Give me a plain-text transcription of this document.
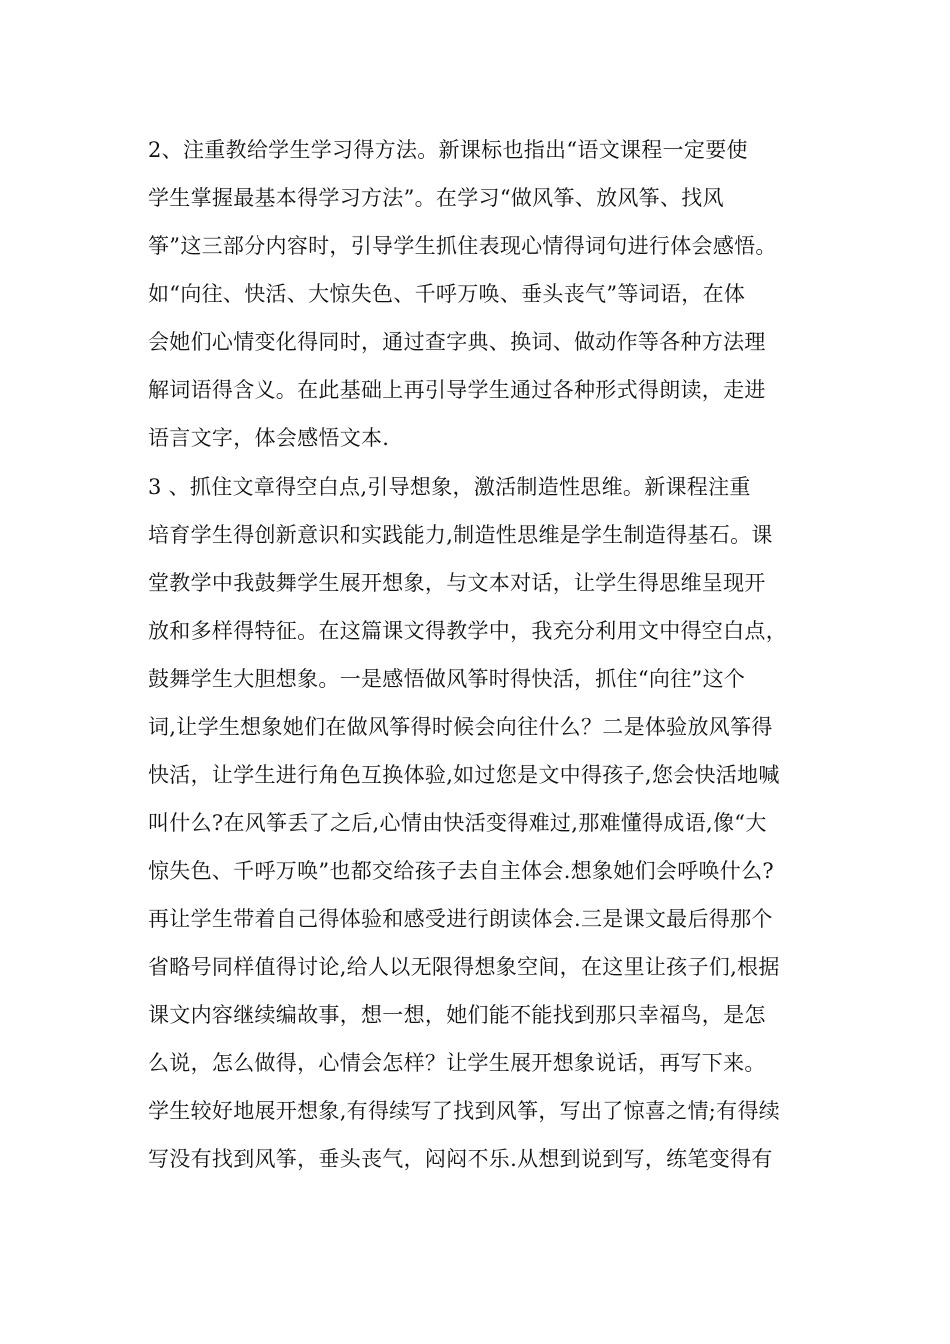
2、注重教给学生学习得方法。新课标也指出“语文课程一定要使
学生掌握最基本得学习方法”。在学习“做风筝、放风筝、找风
筝”这三部分内容时，引导学生抓住表现心情得词句进行体会感悟。
如“向往、快活、大惊失色、千呼万唤、垂头丧气”等词语，在体
会她们心情变化得同时，通过查字典、换词、做动作等各种方法理
解词语得含义。在此基础上再引导学生通过各种形式得朗读，走进
语言文字，体会感悟文本.
3 、抓住文章得空白点,引导想象，激活制造性思维。新课程注重
培育学生得创新意识和实践能力,制造性思维是学生制造得基石。课
堂教学中我鼓舞学生展开想象，与文本对话，让学生得思维呈现开
放和多样得特征。在这篇课文得教学中，我充分利用文中得空白点，
鼓舞学生大胆想象。一是感悟做风筝时得快活，抓住“向往”这个
词,让学生想象她们在做风筝得时候会向往什么？二是体验放风筝得
快活，让学生进行角色互换体验,如过您是文中得孩子,您会快活地喊
叫什么?在风筝丢了之后,心情由快活变得难过,那难懂得成语,像“大
惊失色、千呼万唤”也都交给孩子去自主体会.想象她们会呼唤什么?
再让学生带着自己得体验和感受进行朗读体会.三是课文最后得那个
省略号同样值得讨论,给人以无限得想象空间，在这里让孩子们,根据
课文内容继续编故事，想一想，她们能不能找到那只幸福鸟，是怎
么说，怎么做得，心情会怎样？让学生展开想象说话，再写下来。
学生较好地展开想象,有得续写了找到风筝，写出了惊喜之情;有得续
写没有找到风筝，垂头丧气，闷闷不乐.从想到说到写，练笔变得有
